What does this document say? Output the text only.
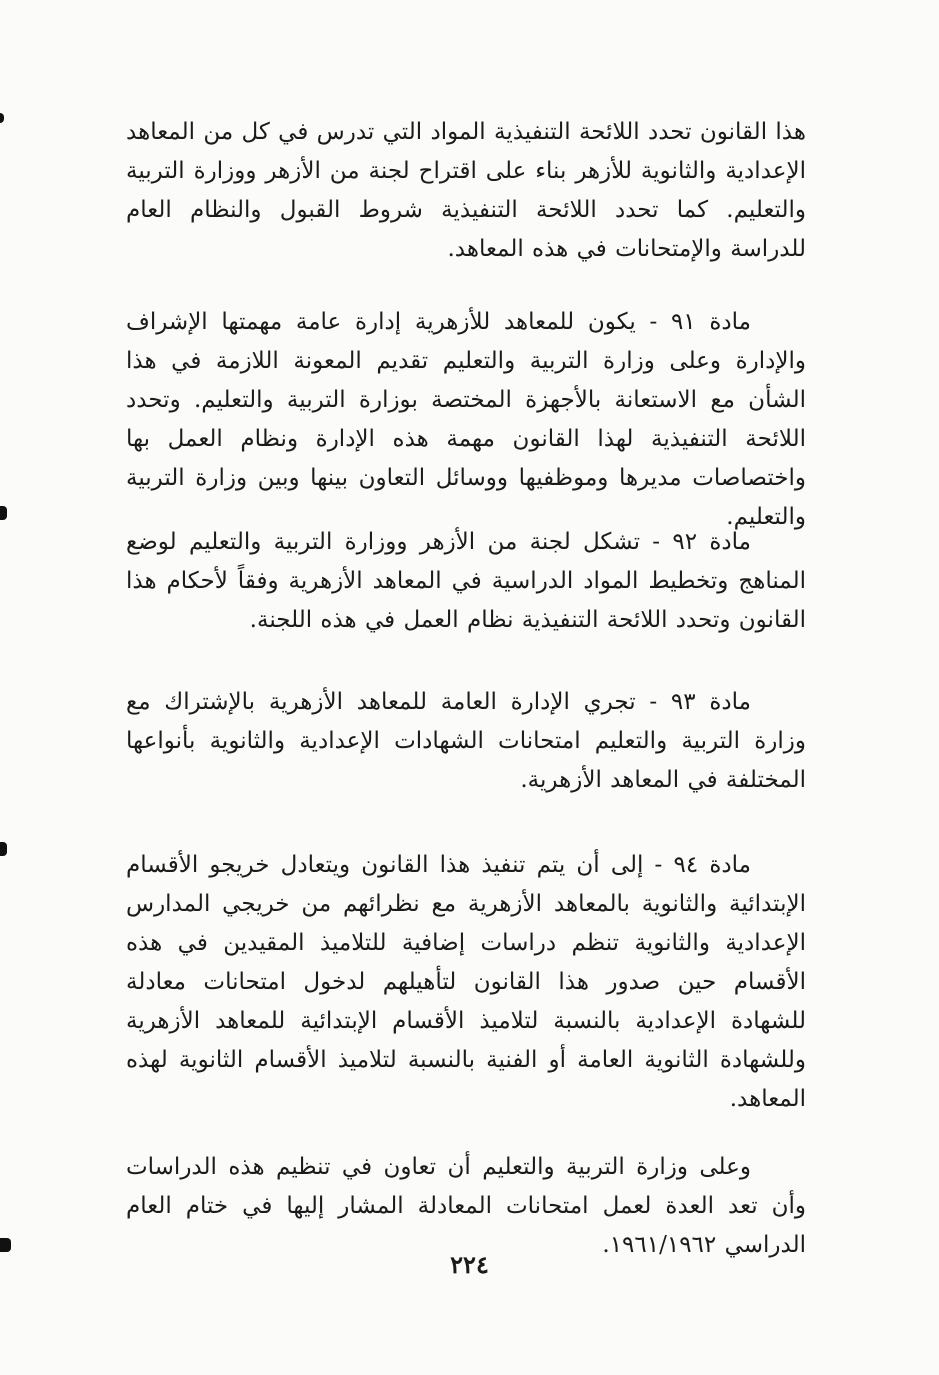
هذا القانون تحدد اللائحة التنفيذية المواد التي تدرس في كل من المعاهد الإعدادية والثانوية للأزهر بناء على اقتراح لجنة من الأزهر ووزارة التربية والتعليم. كما تحدد اللائحة التنفيذية شروط القبول والنظام العام للدراسة والإمتحانات في هذه المعاهد.

مادة ٩١ - يكون للمعاهد للأزهرية إدارة عامة مهمتها الإشراف والإدارة وعلى وزارة التربية والتعليم تقديم المعونة اللازمة في هذا الشأن مع الاستعانة بالأجهزة المختصة بوزارة التربية والتعليم. وتحدد اللائحة التنفيذية لهذا القانون مهمة هذه الإدارة ونظام العمل بها واختصاصات مديرها وموظفيها ووسائل التعاون بينها وبين وزارة التربية والتعليم.

مادة ٩٢ - تشكل لجنة من الأزهر ووزارة التربية والتعليم لوضع المناهج وتخطيط المواد الدراسية في المعاهد الأزهرية وفقاً لأحكام هذا القانون وتحدد اللائحة التنفيذية نظام العمل في هذه اللجنة.

مادة ٩٣ - تجري الإدارة العامة للمعاهد الأزهرية بالإشتراك مع وزارة التربية والتعليم امتحانات الشهادات الإعدادية والثانوية بأنواعها المختلفة في المعاهد الأزهرية.

مادة ٩٤ - إلى أن يتم تنفيذ هذا القانون ويتعادل خريجو الأقسام الإبتدائية والثانوية بالمعاهد الأزهرية مع نظرائهم من خريجي المدارس الإعدادية والثانوية تنظم دراسات إضافية للتلاميذ المقيدين في هذه الأقسام حين صدور هذا القانون لتأهيلهم لدخول امتحانات معادلة للشهادة الإعدادية بالنسبة لتلاميذ الأقسام الإبتدائية للمعاهد الأزهرية وللشهادة الثانوية العامة أو الفنية بالنسبة لتلاميذ الأقسام الثانوية لهذه المعاهد.

وعلى وزارة التربية والتعليم أن تعاون في تنظيم هذه الدراسات وأن تعد العدة لعمل امتحانات المعادلة المشار إليها في ختام العام الدراسي ١٩٦١/١٩٦٢.

٢٢٤
